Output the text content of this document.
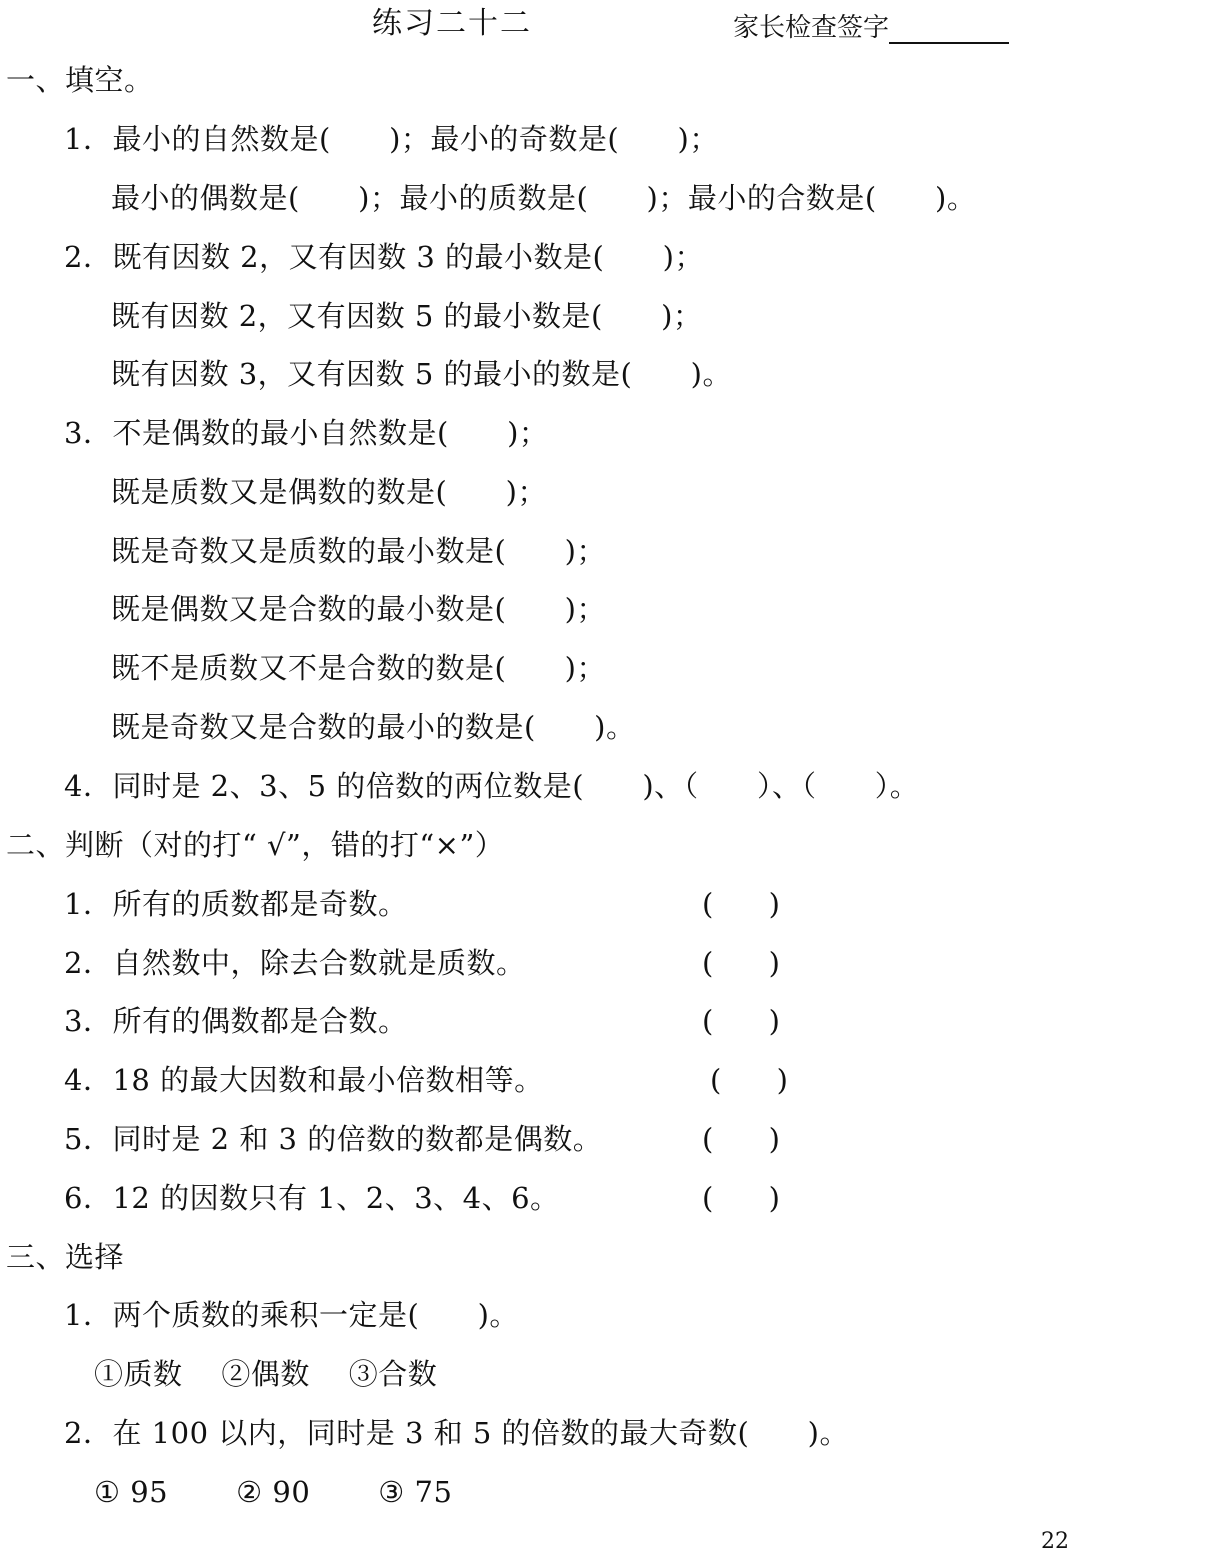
练习二十二	家长检查签字
一、填空。
1．最小的自然数是(      )；最小的奇数是(      )；
最小的偶数是(      )；最小的质数是(      )；最小的合数是(      )。
2．既有因数 2，又有因数 3 的最小数是(      )；
既有因数 2，又有因数 5 的最小数是(      )；
既有因数 3，又有因数 5 的最小的数是(      )。
3．不是偶数的最小自然数是(      )；
既是质数又是偶数的数是(      )；
既是奇数又是质数的最小数是(      )；
既是偶数又是合数的最小数是(      )；
既不是质数又不是合数的数是(      )；
既是奇数又是合数的最小的数是(      )。
4．同时是 2、3、5 的倍数的两位数是(      )、（      ）、（      ）。
二、判断（对的打“ √”，错的打“×”）
1．所有的质数都是奇数。	(      )
2．自然数中，除去合数就是质数。	(      )
3．所有的偶数都是合数。	(      )
4．18 的最大因数和最小倍数相等。	(      )
5．同时是 2 和 3 的倍数的数都是偶数。	(      )
6．12 的因数只有 1、2、3、4、6。	(      )
三、选择
1．两个质数的乘积一定是(      )。
①质数    ②偶数    ③合数
2．在 100 以内，同时是 3 和 5 的倍数的最大奇数(      )。
① 95       ② 90       ③ 75
22
